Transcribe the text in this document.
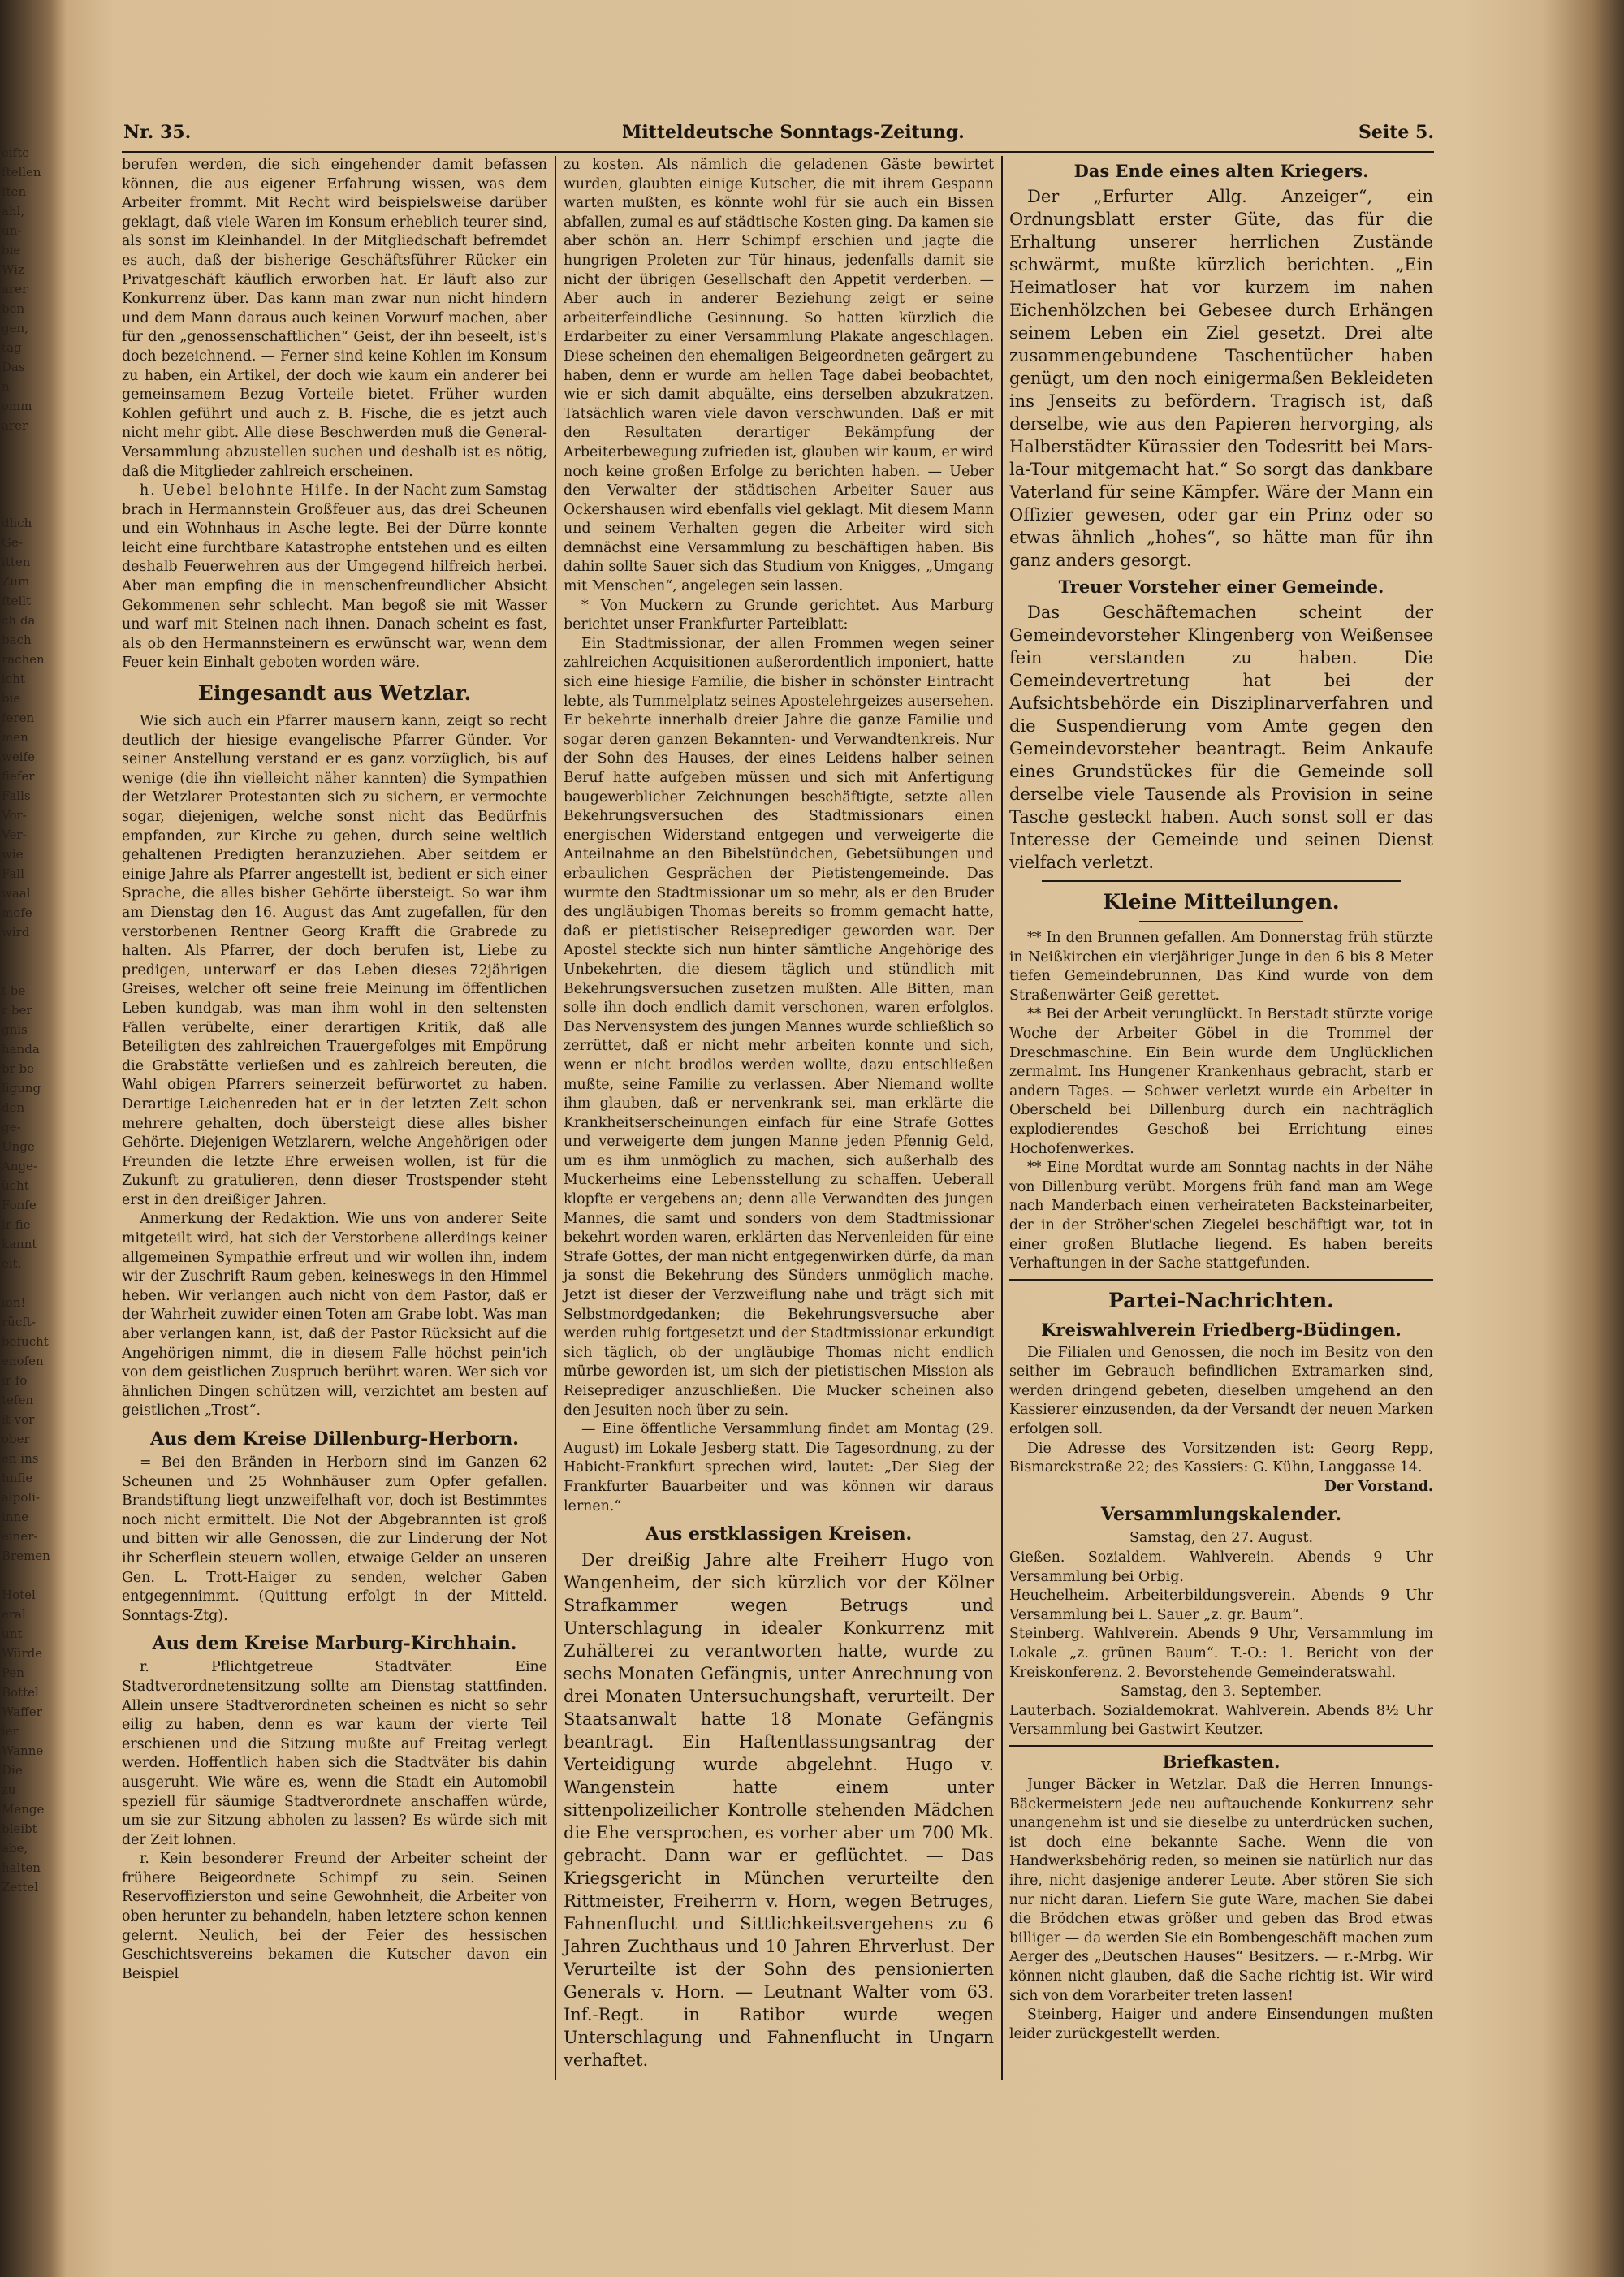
eifte
ftellen
ften
ahl,
un-
bie
Wiz
arer
ben
gen,
tag
Das
n
omm
arer

dlich
Ge-
itten
Zum
ftellt
ch da
bach
rachen
icht
bie
feren
men
weife
fiefer
Falls
Vor-
Ver-
wie
Fall
waal
mofe
wird

t be
r ber
gnis
handa
br be
ligung
den
ge-
Unge
Ange-
ücht
Fonfe
ir fie
kannt
eit.

ion!
rücft-
befucht
enofen
ir fo
tefen
it vor
ober
en ins
hnfie
alpoli-
inne
einer-
Bremen

Hotel
eral
unt
Würde
Pen
Bottel
Waffer
ier
Wanne
Die
zu
Menge
bleibt
abe,
halten
Zettel
Nr. 35.	Mitteldeutsche Sonntags-Zeitung.	Seite 5.

berufen werden, die sich eingehender damit befassen können, die aus eigener Erfahrung wissen, was dem Arbeiter frommt. Mit Recht wird beispielsweise darüber geklagt, daß viele Waren im Konsum erheblich teurer sind, als sonst im Kleinhandel. In der Mitgliedschaft befremdet es auch, daß der bisherige Geschäftsführer Rücker ein Privatgeschäft käuflich erworben hat. Er läuft also zur Konkurrenz über. Das kann man zwar nun nicht hindern und dem Mann daraus auch keinen Vorwurf machen, aber für den „genossenschaftlichen“ Geist, der ihn beseelt, ist's doch bezeichnend. — Ferner sind keine Kohlen im Konsum zu haben, ein Artikel, der doch wie kaum ein anderer bei gemeinsamem Bezug Vorteile bietet. Früher wurden Kohlen geführt und auch z. B. Fische, die es jetzt auch nicht mehr gibt. Alle diese Beschwerden muß die General-Versammlung abzustellen suchen und deshalb ist es nötig, daß die Mitglieder zahlreich erscheinen.

h. Uebel belohnte Hilfe. In der Nacht zum Samstag brach in Hermannstein Großfeuer aus, das drei Scheunen und ein Wohnhaus in Asche legte. Bei der Dürre konnte leicht eine furchtbare Katastrophe entstehen und es eilten deshalb Feuerwehren aus der Umgegend hilfreich herbei. Aber man empfing die in menschenfreundlicher Absicht Gekommenen sehr schlecht. Man begoß sie mit Wasser und warf mit Steinen nach ihnen. Danach scheint es fast, als ob den Hermannsteinern es erwünscht war, wenn dem Feuer kein Einhalt geboten worden wäre.

Eingesandt aus Wetzlar.

Wie sich auch ein Pfarrer mausern kann, zeigt so recht deutlich der hiesige evangelische Pfarrer Günder. Vor seiner Anstellung verstand er es ganz vorzüglich, bis auf wenige (die ihn vielleicht näher kannten) die Sympathien der Wetzlarer Protestanten sich zu sichern, er vermochte sogar, diejenigen, welche sonst nicht das Bedürfnis empfanden, zur Kirche zu gehen, durch seine weltlich gehaltenen Predigten heranzuziehen. Aber seitdem er einige Jahre als Pfarrer angestellt ist, bedient er sich einer Sprache, die alles bisher Gehörte übersteigt. So war ihm am Dienstag den 16. August das Amt zugefallen, für den verstorbenen Rentner Georg Krafft die Grabrede zu halten. Als Pfarrer, der doch berufen ist, Liebe zu predigen, unterwarf er das Leben dieses 72jährigen Greises, welcher oft seine freie Meinung im öffentlichen Leben kundgab, was man ihm wohl in den seltensten Fällen verübelte, einer derartigen Kritik, daß alle Beteiligten des zahlreichen Trauergefolges mit Empörung die Grabstätte verließen und es zahlreich bereuten, die Wahl obigen Pfarrers seinerzeit befürwortet zu haben. Derartige Leichenreden hat er in der letzten Zeit schon mehrere gehalten, doch übersteigt diese alles bisher Gehörte. Diejenigen Wetzlarern, welche Angehörigen oder Freunden die letzte Ehre erweisen wollen, ist für die Zukunft zu gratulieren, denn dieser Trostspender steht erst in den dreißiger Jahren.

Anmerkung der Redaktion. Wie uns von anderer Seite mitgeteilt wird, hat sich der Verstorbene allerdings keiner allgemeinen Sympathie erfreut und wir wollen ihn, indem wir der Zuschrift Raum geben, keineswegs in den Himmel heben. Wir verlangen auch nicht von dem Pastor, daß er der Wahrheit zuwider einen Toten am Grabe lobt. Was man aber verlangen kann, ist, daß der Pastor Rücksicht auf die Angehörigen nimmt, die in diesem Falle höchst pein'ich von dem geistlichen Zuspruch berührt waren. Wer sich vor ähnlichen Dingen schützen will, verzichtet am besten auf geistlichen „Trost“.

Aus dem Kreise Dillenburg-Herborn.

= Bei den Bränden in Herborn sind im Ganzen 62 Scheunen und 25 Wohnhäuser zum Opfer gefallen. Brandstiftung liegt unzweifelhaft vor, doch ist Bestimmtes noch nicht ermittelt. Die Not der Abgebrannten ist groß und bitten wir alle Genossen, die zur Linderung der Not ihr Scherflein steuern wollen, etwaige Gelder an unseren Gen. L. Trott-Haiger zu senden, welcher Gaben entgegennimmt. (Quittung erfolgt in der Mitteld. Sonntags-Ztg).

Aus dem Kreise Marburg-Kirchhain.

r. Pflichtgetreue Stadtväter. Eine Stadtverordnetensitzung sollte am Dienstag stattfinden. Allein unsere Stadtverordneten scheinen es nicht so sehr eilig zu haben, denn es war kaum der vierte Teil erschienen und die Sitzung mußte auf Freitag verlegt werden. Hoffentlich haben sich die Stadtväter bis dahin ausgeruht. Wie wäre es, wenn die Stadt ein Automobil speziell für säumige Stadtverordnete anschaffen würde, um sie zur Sitzung abholen zu lassen? Es würde sich mit der Zeit lohnen.

r. Kein besonderer Freund der Arbeiter scheint der frühere Beigeordnete Schimpf zu sein. Seinen Reservoffizierston und seine Gewohnheit, die Arbeiter von oben herunter zu behandeln, haben letztere schon kennen gelernt. Neulich, bei der Feier des hessischen Geschichtsvereins bekamen die Kutscher davon ein Beispiel

zu kosten. Als nämlich die geladenen Gäste bewirtet wurden, glaubten einige Kutscher, die mit ihrem Gespann warten mußten, es könnte wohl für sie auch ein Bissen abfallen, zumal es auf städtische Kosten ging. Da kamen sie aber schön an. Herr Schimpf erschien und jagte die hungrigen Proleten zur Tür hinaus, jedenfalls damit sie nicht der übrigen Gesellschaft den Appetit verderben. — Aber auch in anderer Beziehung zeigt er seine arbeiterfeindliche Gesinnung. So hatten kürzlich die Erdarbeiter zu einer Versammlung Plakate angeschlagen. Diese scheinen den ehemaligen Beigeordneten geärgert zu haben, denn er wurde am hellen Tage dabei beobachtet, wie er sich damit abquälte, eins derselben abzukratzen. Tatsächlich waren viele davon verschwunden. Daß er mit den Resultaten derartiger Bekämpfung der Arbeiterbewegung zufrieden ist, glauben wir kaum, er wird noch keine großen Erfolge zu berichten haben. — Ueber den Verwalter der städtischen Arbeiter Sauer aus Ockershausen wird ebenfalls viel geklagt. Mit diesem Mann und seinem Verhalten gegen die Arbeiter wird sich demnächst eine Versammlung zu beschäftigen haben. Bis dahin sollte Sauer sich das Studium von Knigges, „Umgang mit Menschen“, angelegen sein lassen.

* Von Muckern zu Grunde gerichtet. Aus Marburg berichtet unser Frankfurter Parteiblatt:

Ein Stadtmissionar, der allen Frommen wegen seiner zahlreichen Acquisitionen außerordentlich imponiert, hatte sich eine hiesige Familie, die bisher in schönster Eintracht lebte, als Tummelplatz seines Apostelehrgeizes ausersehen. Er bekehrte innerhalb dreier Jahre die ganze Familie und sogar deren ganzen Bekannten- und Verwandtenkreis. Nur der Sohn des Hauses, der eines Leidens halber seinen Beruf hatte aufgeben müssen und sich mit Anfertigung baugewerblicher Zeichnungen beschäftigte, setzte allen Bekehrungsversuchen des Stadtmissionars einen energischen Widerstand entgegen und verweigerte die Anteilnahme an den Bibelstündchen, Gebetsübungen und erbaulichen Gesprächen der Pietistengemeinde. Das wurmte den Stadtmissionar um so mehr, als er den Bruder des ungläubigen Thomas bereits so fromm gemacht hatte, daß er pietistischer Reiseprediger geworden war. Der Apostel steckte sich nun hinter sämtliche Angehörige des Unbekehrten, die diesem täglich und stündlich mit Bekehrungsversuchen zusetzen mußten. Alle Bitten, man solle ihn doch endlich damit verschonen, waren erfolglos. Das Nervensystem des jungen Mannes wurde schließlich so zerrüttet, daß er nicht mehr arbeiten konnte und sich, wenn er nicht brodlos werden wollte, dazu entschließen mußte, seine Familie zu verlassen. Aber Niemand wollte ihm glauben, daß er nervenkrank sei, man erklärte die Krankheitserscheinungen einfach für eine Strafe Gottes und verweigerte dem jungen Manne jeden Pfennig Geld, um es ihm unmöglich zu machen, sich außerhalb des Muckerheims eine Lebensstellung zu schaffen. Ueberall klopfte er vergebens an; denn alle Verwandten des jungen Mannes, die samt und sonders von dem Stadtmissionar bekehrt worden waren, erklärten das Nervenleiden für eine Strafe Gottes, der man nicht entgegenwirken dürfe, da man ja sonst die Bekehrung des Sünders unmöglich mache. Jetzt ist dieser der Verzweiflung nahe und trägt sich mit Selbstmordgedanken; die Bekehrungsversuche aber werden ruhig fortgesetzt und der Stadtmissionar erkundigt sich täglich, ob der ungläubige Thomas nicht endlich mürbe geworden ist, um sich der pietistischen Mission als Reiseprediger anzuschließen. Die Mucker scheinen also den Jesuiten noch über zu sein.

— Eine öffentliche Versammlung findet am Montag (29. August) im Lokale Jesberg statt. Die Tagesordnung, zu der Habicht-Frankfurt sprechen wird, lautet: „Der Sieg der Frankfurter Bauarbeiter und was können wir daraus lernen.“

Aus erstklassigen Kreisen.

Der dreißig Jahre alte Freiherr Hugo von Wangenheim, der sich kürzlich vor der Kölner Strafkammer wegen Betrugs und Unterschlagung in idealer Konkurrenz mit Zuhälterei zu verantworten hatte, wurde zu sechs Monaten Gefängnis, unter Anrechnung von drei Monaten Untersuchungshaft, verurteilt. Der Staatsanwalt hatte 18 Monate Gefängnis beantragt. Ein Haftentlassungsantrag der Verteidigung wurde abgelehnt. Hugo v. Wangenstein hatte einem unter sittenpolizeilicher Kontrolle stehenden Mädchen die Ehe versprochen, es vorher aber um 700 Mk. gebracht. Dann war er geflüchtet. — Das Kriegsgericht in München verurteilte den Rittmeister, Freiherrn v. Horn, wegen Betruges, Fahnenflucht und Sittlichkeitsvergehens zu 6 Jahren Zuchthaus und 10 Jahren Ehrverlust. Der Verurteilte ist der Sohn des pensionierten Generals v. Horn. — Leutnant Walter vom 63. Inf.-Regt. in Ratibor wurde wegen Unterschlagung und Fahnenflucht in Ungarn verhaftet.

Das Ende eines alten Kriegers.

Der „Erfurter Allg. Anzeiger“, ein Ordnungsblatt erster Güte, das für die Erhaltung unserer herrlichen Zustände schwärmt, mußte kürzlich berichten. „Ein Heimatloser hat vor kurzem im nahen Eichenhölzchen bei Gebesee durch Erhängen seinem Leben ein Ziel gesetzt. Drei alte zusammengebundene Taschentücher haben genügt, um den noch einigermaßen Bekleideten ins Jenseits zu befördern. Tragisch ist, daß derselbe, wie aus den Papieren hervorging, als Halberstädter Kürassier den Todesritt bei Mars-la-Tour mitgemacht hat.“ So sorgt das dankbare Vaterland für seine Kämpfer. Wäre der Mann ein Offizier gewesen, oder gar ein Prinz oder so etwas ähnlich „hohes“, so hätte man für ihn ganz anders gesorgt.

Treuer Vorsteher einer Gemeinde.

Das Geschäftemachen scheint der Gemeindevorsteher Klingenberg von Weißensee fein verstanden zu haben. Die Gemeindevertretung hat bei der Aufsichtsbehörde ein Disziplinarverfahren und die Suspendierung vom Amte gegen den Gemeindevorsteher beantragt. Beim Ankaufe eines Grundstückes für die Gemeinde soll derselbe viele Tausende als Provision in seine Tasche gesteckt haben. Auch sonst soll er das Interesse der Gemeinde und seinen Dienst vielfach verletzt.

Kleine Mitteilungen.

** In den Brunnen gefallen. Am Donnerstag früh stürzte in Neißkirchen ein vierjähriger Junge in den 6 bis 8 Meter tiefen Gemeindebrunnen, Das Kind wurde von dem Straßenwärter Geiß gerettet.

** Bei der Arbeit verunglückt. In Berstadt stürzte vorige Woche der Arbeiter Göbel in die Trommel der Dreschmaschine. Ein Bein wurde dem Unglücklichen zermalmt. Ins Hungener Krankenhaus gebracht, starb er andern Tages. — Schwer verletzt wurde ein Arbeiter in Oberscheld bei Dillenburg durch ein nachträglich explodierendes Geschoß bei Errichtung eines Hochofenwerkes.

** Eine Mordtat wurde am Sonntag nachts in der Nähe von Dillenburg verübt. Morgens früh fand man am Wege nach Manderbach einen verheirateten Backsteinarbeiter, der in der Ströher'schen Ziegelei beschäftigt war, tot in einer großen Blutlache liegend. Es haben bereits Verhaftungen in der Sache stattgefunden.

Partei-Nachrichten.
Kreiswahlverein Friedberg-Büdingen.

Die Filialen und Genossen, die noch im Besitz von den seither im Gebrauch befindlichen Extramarken sind, werden dringend gebeten, dieselben umgehend an den Kassierer einzusenden, da der Versandt der neuen Marken erfolgen soll.

Die Adresse des Vorsitzenden ist: Georg Repp, Bismarckstraße 22; des Kassiers: G. Kühn, Langgasse 14.

Der Vorstand.

Versammlungskalender.

Samstag, den 27. August.

Gießen. Sozialdem. Wahlverein. Abends 9 Uhr Versammlung bei Orbig.

Heuchelheim. Arbeiterbildungsverein. Abends 9 Uhr Versammlung bei L. Sauer „z. gr. Baum“.

Steinberg. Wahlverein. Abends 9 Uhr, Versammlung im Lokale „z. grünen Baum“. T.-O.: 1. Bericht von der Kreiskonferenz. 2. Bevorstehende Gemeinderatswahl.

Samstag, den 3. September.

Lauterbach. Sozialdemokrat. Wahlverein. Abends 8½ Uhr Versammlung bei Gastwirt Keutzer.

Briefkasten.

Junger Bäcker in Wetzlar. Daß die Herren Innungs-Bäckermeistern jede neu auftauchende Konkurrenz sehr unangenehm ist und sie dieselbe zu unterdrücken suchen, ist doch eine bekannte Sache. Wenn die von Handwerksbehörig reden, so meinen sie natürlich nur das ihre, nicht dasjenige anderer Leute. Aber stören Sie sich nur nicht daran. Liefern Sie gute Ware, machen Sie dabei die Brödchen etwas größer und geben das Brod etwas billiger — da werden Sie ein Bombengeschäft machen zum Aerger des „Deutschen Hauses“ Besitzers. — r.-Mrbg. Wir können nicht glauben, daß die Sache richtig ist. Wir wird sich von dem Vorarbeiter treten lassen!

Steinberg, Haiger und andere Einsendungen mußten leider zurückgestellt werden.
